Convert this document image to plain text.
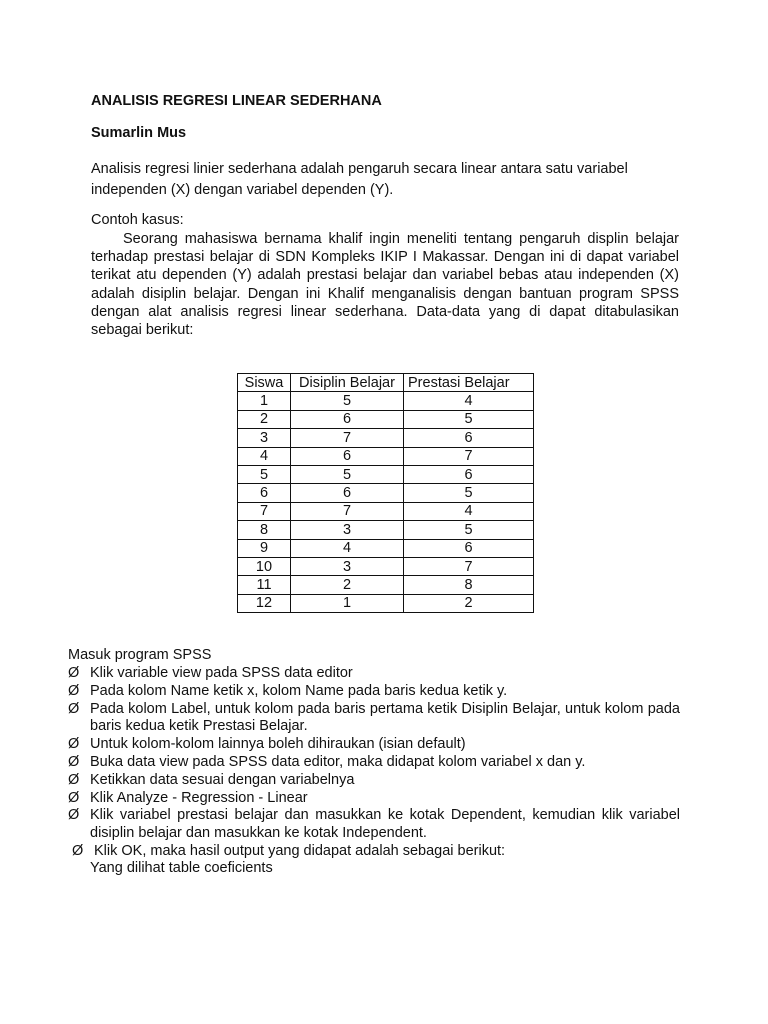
ANALISIS REGRESI LINEAR SEDERHANA
Sumarlin Mus

Analisis regresi linier sederhana adalah pengaruh secara linear antara satu variabel independen (X) dengan variabel dependen (Y).

Contoh kasus:

Seorang mahasiswa bernama khalif ingin meneliti tentang pengaruh displin belajar terhadap prestasi belajar di SDN Kompleks IKIP I Makassar. Dengan ini di dapat variabel terikat atu dependen (Y) adalah prestasi belajar dan variabel bebas atau independen (X) adalah disiplin belajar. Dengan ini Khalif menganalisis dengan bantuan program SPSS dengan alat analisis regresi linear sederhana. Data-data yang di dapat ditabulasikan sebagai berikut:

Siswa	Disiplin Belajar	Prestasi Belajar
1	5	4
2	6	5
3	7	6
4	6	7
5	5	6
6	6	5
7	7	4
8	3	5
9	4	6
10	3	7
11	2	8
12	1	2
Masuk program SPSS
Ø Klik variable view pada SPSS data editor
Ø Pada kolom Name ketik x, kolom Name pada baris kedua ketik y.
Ø Pada kolom Label, untuk kolom pada baris pertama ketik Disiplin Belajar, untuk kolom pada baris kedua ketik Prestasi Belajar.
Ø Untuk kolom-kolom lainnya boleh dihiraukan (isian default)
Ø Buka data view pada SPSS data editor, maka didapat kolom variabel x dan y.
Ø Ketikkan data sesuai dengan variabelnya
Ø Klik Analyze - Regression - Linear
Ø Klik variabel prestasi belajar dan masukkan ke kotak Dependent, kemudian klik variabel disiplin belajar dan masukkan ke kotak Independent.
Ø Klik OK, maka hasil output yang didapat adalah sebagai berikut:
Yang dilihat table coeficients
